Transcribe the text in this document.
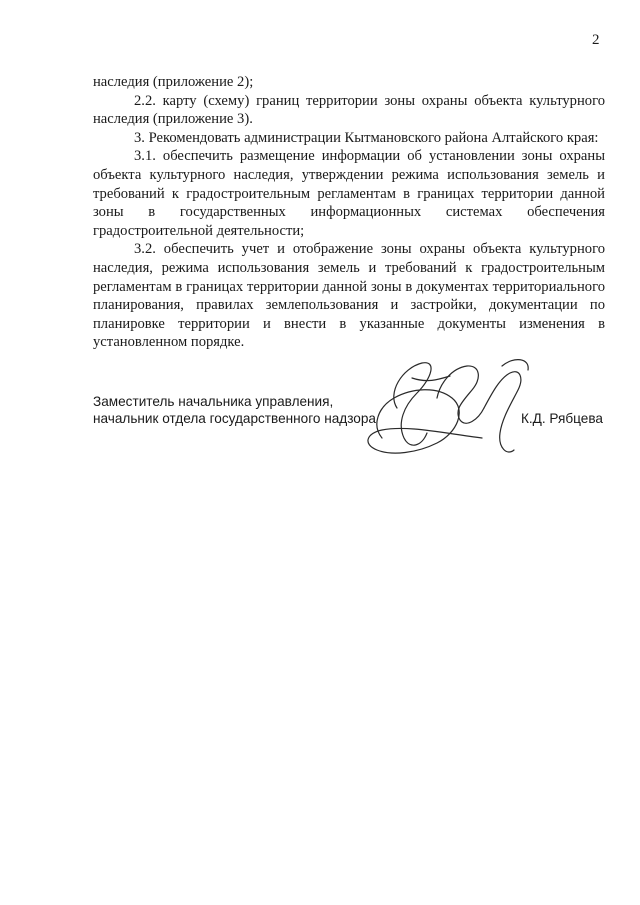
2

наследия (приложение 2);

2.2. карту (схему) границ территории зоны охраны объекта культурного наследия (приложение 3).

3. Рекомендовать администрации Кытмановского района Алтайского края:

3.1. обеспечить размещение информации об установлении зоны охраны объекта культурного наследия, утверждении режима использования земель и требований к градостроительным регламентам в границах территории данной зоны в государственных информационных системах обеспечения градостроительной деятельности;

3.2. обеспечить учет и отображение зоны охраны объекта культурного наследия, режима использования земель и требований к градостроительным регламентам в границах территории данной зоны в документах территориального планирования, правилах землепользования и застройки, документации по планировке территории и внести в указанные документы изменения в установленном порядке.

Заместитель начальника управления,
начальник отдела государственного надзора	К.Д. Рябцева
